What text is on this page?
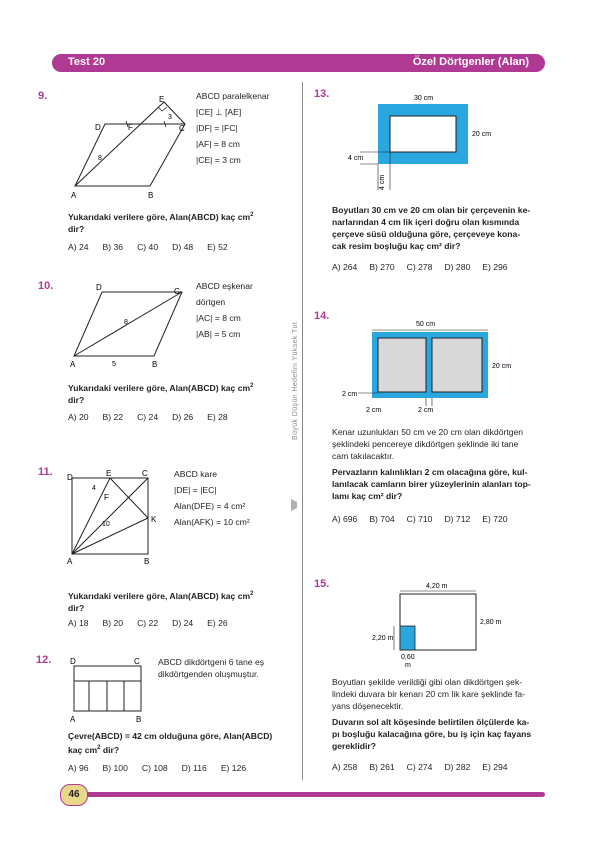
Test 20	Özel Dörtgenler (Alan)
Büyük Düşün Hedefini Yüksek Tut
9.	E
D	F	C
A	B
3
8
ABCD paralelkenar
[CE] ⊥ [AE]
|DF| = |FC|
|AF| = 8 cm
|CE| = 3 cm
Yukarıdaki verilere göre, Alan(ABCD) kaç $cm^2$
dir?
A) 24 B) 36 C) 40 D) 48 E) 52
10.	D	C
A	B
8
5
ABCD eşkenar
dörtgen
|AC| = 8 cm
|AB| = 5 cm
Yukarıdaki verilere göre, Alan(ABCD) kaç $cm^2$
dir?
A) 20 B) 22 C) 24 D) 26 E) 28
11. D	E	C
F
K
A	B
4
10
ABCD kare
|DE| = |EC|
Alan(DFE) = 4 cm²
Alan(AFK) = 10 cm²
Yukarıdaki verilere göre, Alan(ABCD) kaç $cm^2$
dir?
A) 18 B) 20 C) 22 D) 24 E) 26
12. D	C
A	B
ABCD dikdörtgeni 6 tane eş
dikdörtgenden oluşmuştur.
Çevre(ABCD) = 42 cm olduğuna göre, Alan(ABCD)
kaç $cm^2$ dir?
A) 96 B) 100 C) 108 D) 116 E) 126
13.	30 cm
20 cm
4 cm
4 cm
Boyutları 30 cm ve 20 cm olan bir çerçevenin ke-
narlarından 4 cm lik içeri doğru olan kısmında
çerçeve süsü olduğuna göre, çerçeveye kona-
cak resim boşluğu kaç cm² dir?
A) 264 B) 270 C) 278 D) 280 E) 296
14.
50 cm
20 cm
2 cm
2 cm	2 cm
Kenar uzunlukları 50 cm ve 20 cm olan dikdörtgen
şeklindeki pencereye dikdörtgen şeklinde iki tane
cam takılacaktır.
Pervazların kalınlıkları 2 cm olacağına göre, kul-
lanılacak camların birer yüzeylerinin alanları top-
lamı kaç cm² dir?
A) 696 B) 704 C) 710 D) 712 E) 720
15.	4,20 m
2,80 m
2,20 m
0,60
m
Boyutları şekilde verildiği gibi olan dikdörtgen şek-
lindeki duvara bir kenarı 20 cm lik kare şeklinde fa-
yans döşenecektir.
Duvarın sol alt köşesinde belirtilen ölçülerde ka-
pı boşluğu kalacağına göre, bu iş için kaç fayans
gereklidir?
A) 258 B) 261 C) 274 D) 282 E) 294
46
